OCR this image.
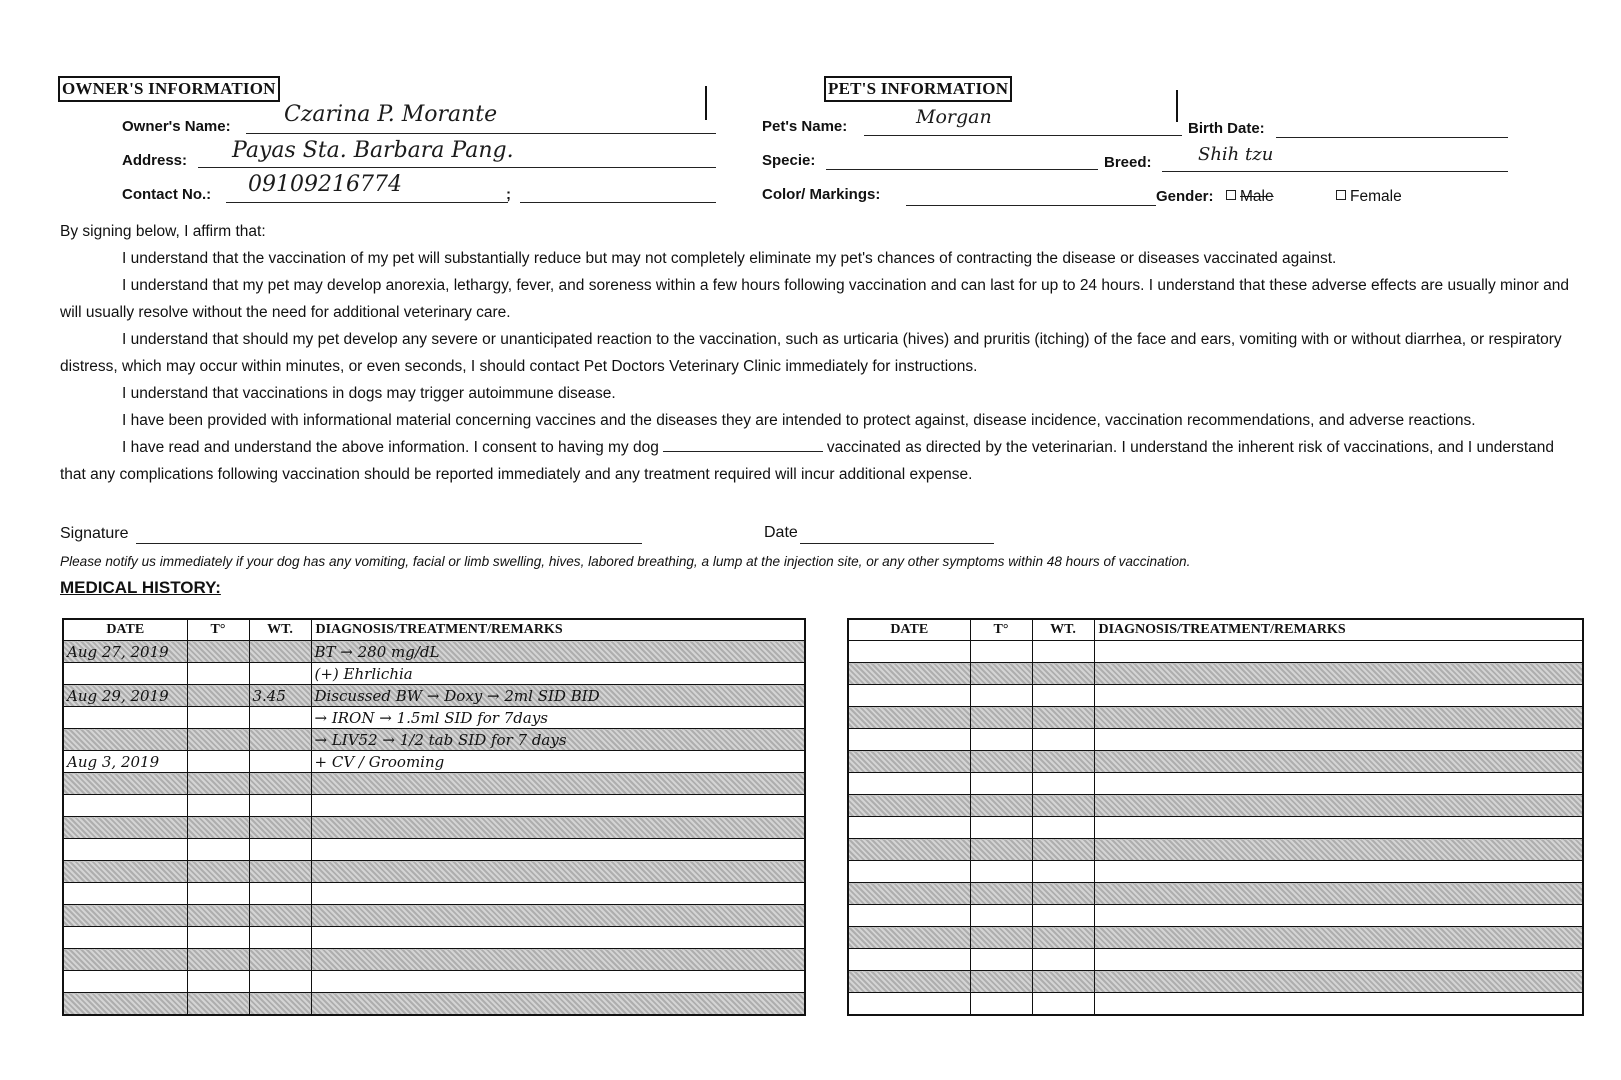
OWNER'S INFORMATION
Owner's Name: Czarina P. Morante
Address: Payas Sta. Barbara Pang.
Contact No.: 09109216774	;
PET'S INFORMATION
Pet's Name:	Morgan
Birth Date:
Specie:	Breed:	Shih tzu
Color/ Markings:	Gender:	Male	Female

By signing below, I affirm that:

I understand that the vaccination of my pet will substantially reduce but may not completely eliminate my pet's chances of contracting the disease or diseases vaccinated against.

I understand that my pet may develop anorexia, lethargy, fever, and soreness within a few hours following vaccination and can last for up to 24 hours. I understand that these adverse effects are usually minor and will usually resolve without the need for additional veterinary care.

I understand that should my pet develop any severe or unanticipated reaction to the vaccination, such as urticaria (hives) and pruritis (itching) of the face and ears, vomiting with or without diarrhea, or respiratory distress, which may occur within minutes, or even seconds, I should contact Pet Doctors Veterinary Clinic immediately for instructions.

I understand that vaccinations in dogs may trigger autoimmune disease.

I have been provided with informational material concerning vaccines and the diseases they are intended to protect against, disease incidence, vaccination recommendations, and adverse reactions.

I have read and understand the above information. I consent to having my dog	vaccinated as directed by the veterinarian. I understand the inherent risk of vaccinations, and I understand that any complications following vaccination should be reported immediately and any treatment required will incur additional expense.

Signature	Date
Please notify us immediately if your dog has any vomiting, facial or limb swelling, hives, labored breathing, a lump at the injection site, or any other symptoms within 48 hours of vaccination.
MEDICAL HISTORY:
DATE	T°	WT.	DIAGNOSIS/TREATMENT/REMARKS
Aug 27, 2019			BT → 280 mg/dL
			(+) Ehrlichia
Aug 29, 2019		3.45	Discussed BW → Doxy → 2ml SID BID
			→ IRON → 1.5ml SID for 7days
			→ LIV52 → 1/2 tab SID for 7 days
Aug 3, 2019			+ CV / Grooming

DATE	T°	WT.	DIAGNOSIS/TREATMENT/REMARKS
